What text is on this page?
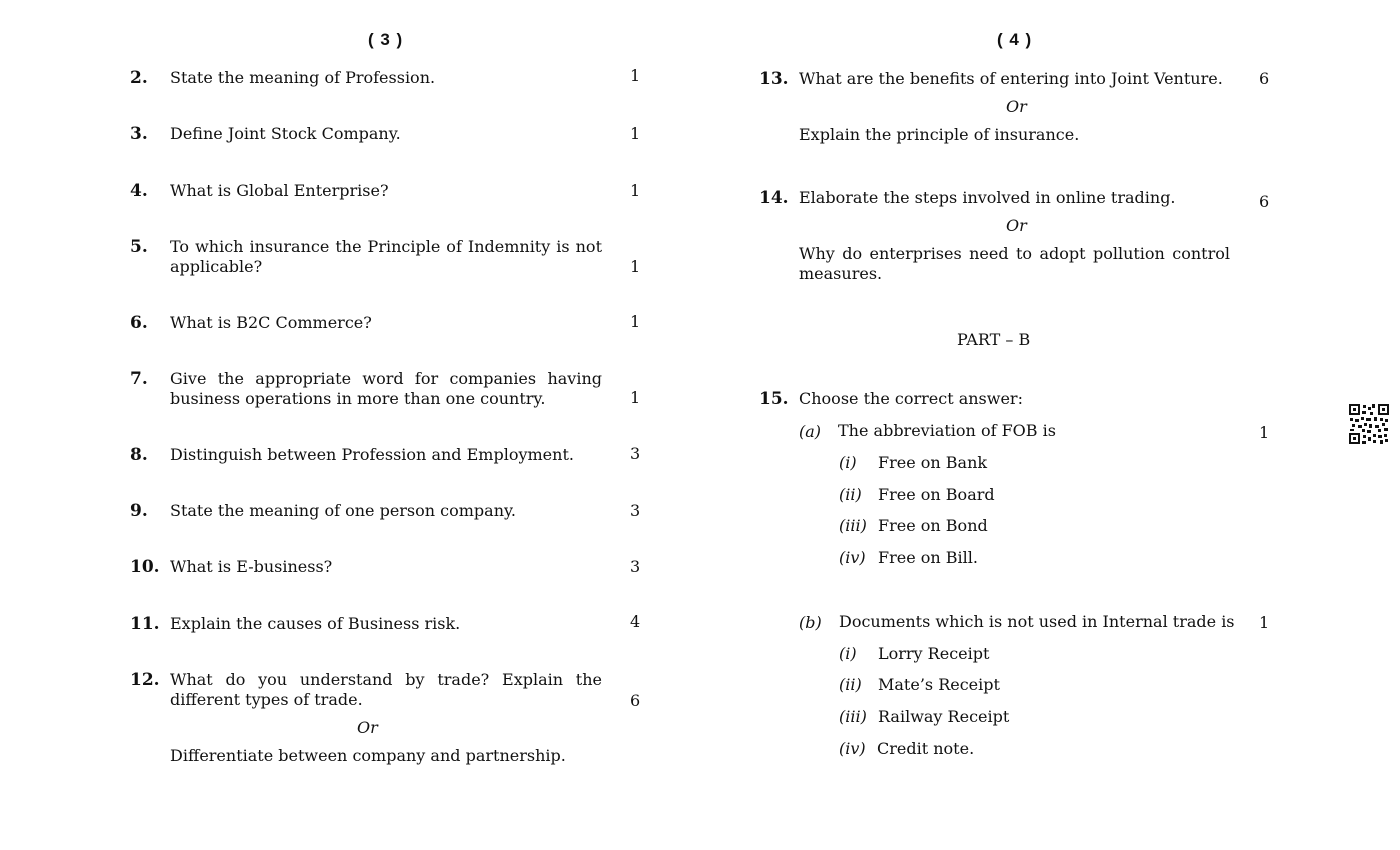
( 3 )	( 4 )
2. State the meaning of Profession.	1
3. Define Joint Stock Company.	1
4. What is Global Enterprise?	1
5. To which insurance the Principle of Indemnity is not applicable?	1
6. What is B2C Commerce?	1
7. Give the appropriate word for companies having business operations in more than one country.	1
8. Distinguish between Profession and Employment.	3
9. State the meaning of one person company.	3
10. What is E-business?	3
11. Explain the causes of Business risk.	4
12. What do you understand by trade? Explain the different types of trade.	6
Or
Differentiate between company and partnership.
13. What are the benefits of entering into Joint Venture.	6
Or
Explain the principle of insurance.
14. Elaborate the steps involved in online trading.	6
Or
Why do enterprises need to adopt pollution control measures.
PART – B
15. Choose the correct answer:
(a) The abbreviation of FOB is	1
(i) Free on Bank
(ii) Free on Board
(iii) Free on Bond
(iv) Free on Bill.
(b) Documents which is not used in Internal trade is 1
(i) Lorry Receipt
(ii) Mate’s Receipt
(iii) Railway Receipt
(iv) Credit note.
